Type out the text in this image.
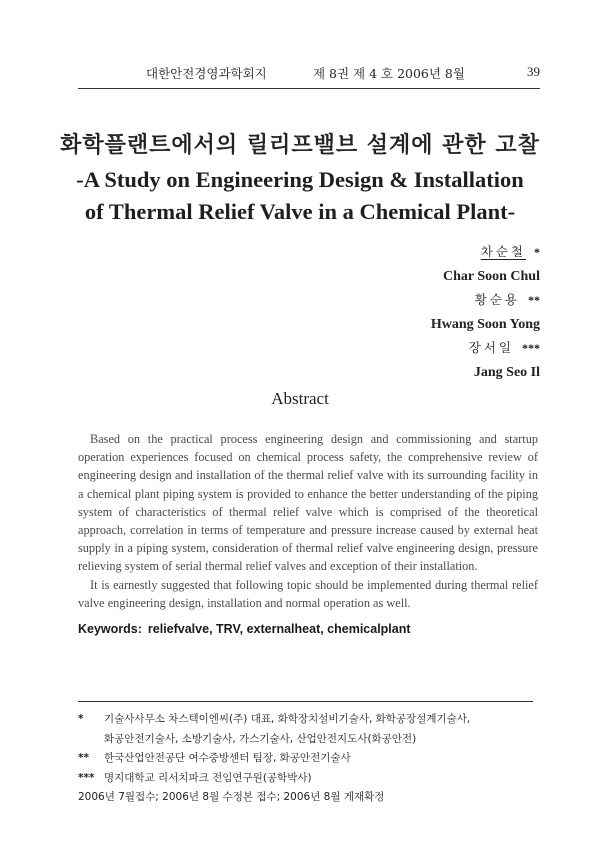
대한안전경영과학회지	제 8권 제 4 호 2006년 8월	39
화학플랜트에서의 릴리프밸브 설계에 관한 고찰
-A Study on Engineering Design & Installation
of Thermal Relief Valve in a Chemical Plant-
차순철 *
Char Soon Chul
황순용 **
Hwang Soon Yong
장서일 ***
Jang Seo Il
Abstract

Based on the practical process engineering design and commissioning and startup operation experiences focused on chemical process safety, the comprehensive review of engineering design and installation of the thermal relief valve with its surrounding facility in a chemical plant piping system is provided to enhance the better understanding of the piping system of characteristics of thermal relief valve which is comprised of the theoretical approach, correlation in terms of temperature and pressure increase caused by external heat supply in a piping system, consideration of thermal relief valve engineering design, pressure relieving system of serial thermal relief valves and exception of their installation.

It is earnestly suggested that following topic should be implemented during thermal relief valve engineering design, installation and normal operation as well.

Keywords: reliefvalve, TRV, externalheat, chemicalplant
* 기술사사무소 차스텍이엔씨(주) 대표, 화학장치설비기술사, 화학공장설계기술사,
화공안전기술사, 소방기술사, 가스기술사, 산업안전지도사(화공안전)
** 한국산업안전공단 여수중방센터 팀장, 화공안전기술사
*** 명지대학교 리서치파크 전임연구원(공학박사)
2006년 7월접수; 2006년 8월 수정본 접수; 2006년 8월 게재확정
